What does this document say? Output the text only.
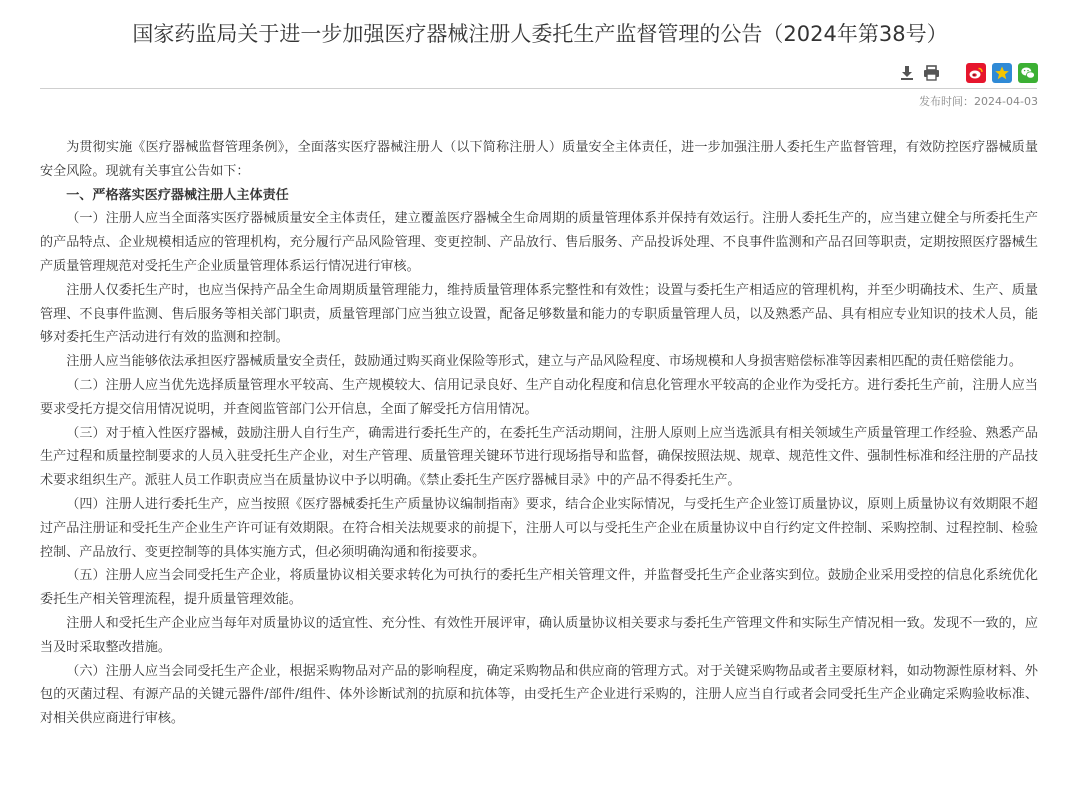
国家药监局关于进一步加强医疗器械注册人委托生产监督管理的公告（2024年第38号）
发布时间：2024-04-03

为贯彻实施《医疗器械监督管理条例》，全面落实医疗器械注册人（以下简称注册人）质量安全主体责任，进一步加强注册人委托生产监督管理，有效防控医疗器械质量安全风险。现就有关事宜公告如下：

一、严格落实医疗器械注册人主体责任

（一）注册人应当全面落实医疗器械质量安全主体责任，建立覆盖医疗器械全生命周期的质量管理体系并保持有效运行。注册人委托生产的，应当建立健全与所委托生产的产品特点、企业规模相适应的管理机构，充分履行产品风险管理、变更控制、产品放行、售后服务、产品投诉处理、不良事件监测和产品召回等职责，定期按照医疗器械生产质量管理规范对受托生产企业质量管理体系运行情况进行审核。

注册人仅委托生产时，也应当保持产品全生命周期质量管理能力，维持质量管理体系完整性和有效性；设置与委托生产相适应的管理机构，并至少明确技术、生产、质量管理、不良事件监测、售后服务等相关部门职责，质量管理部门应当独立设置，配备足够数量和能力的专职质量管理人员，以及熟悉产品、具有相应专业知识的技术人员，能够对委托生产活动进行有效的监测和控制。

注册人应当能够依法承担医疗器械质量安全责任，鼓励通过购买商业保险等形式，建立与产品风险程度、市场规模和人身损害赔偿标准等因素相匹配的责任赔偿能力。

（二）注册人应当优先选择质量管理水平较高、生产规模较大、信用记录良好、生产自动化程度和信息化管理水平较高的企业作为受托方。进行委托生产前，注册人应当要求受托方提交信用情况说明，并查阅监管部门公开信息，全面了解受托方信用情况。

（三）对于植入性医疗器械，鼓励注册人自行生产，确需进行委托生产的，在委托生产活动期间，注册人原则上应当选派具有相关领域生产质量管理工作经验、熟悉产品生产过程和质量控制要求的人员入驻受托生产企业，对生产管理、质量管理关键环节进行现场指导和监督，确保按照法规、规章、规范性文件、强制性标准和经注册的产品技术要求组织生产。派驻人员工作职责应当在质量协议中予以明确。《禁止委托生产医疗器械目录》中的产品不得委托生产。

（四）注册人进行委托生产，应当按照《医疗器械委托生产质量协议编制指南》要求，结合企业实际情况，与受托生产企业签订质量协议，原则上质量协议有效期限不超过产品注册证和受托生产企业生产许可证有效期限。在符合相关法规要求的前提下，注册人可以与受托生产企业在质量协议中自行约定文件控制、采购控制、过程控制、检验控制、产品放行、变更控制等的具体实施方式，但必须明确沟通和衔接要求。

（五）注册人应当会同受托生产企业，将质量协议相关要求转化为可执行的委托生产相关管理文件，并监督受托生产企业落实到位。鼓励企业采用受控的信息化系统优化委托生产相关管理流程，提升质量管理效能。

注册人和受托生产企业应当每年对质量协议的适宜性、充分性、有效性开展评审，确认质量协议相关要求与委托生产管理文件和实际生产情况相一致。发现不一致的，应当及时采取整改措施。

（六）注册人应当会同受托生产企业，根据采购物品对产品的影响程度，确定采购物品和供应商的管理方式。对于关键采购物品或者主要原材料，如动物源性原材料、外包的灭菌过程、有源产品的关键元器件/部件/组件、体外诊断试剂的抗原和抗体等，由受托生产企业进行采购的，注册人应当自行或者会同受托生产企业确定采购验收标准、对相关供应商进行审核。
